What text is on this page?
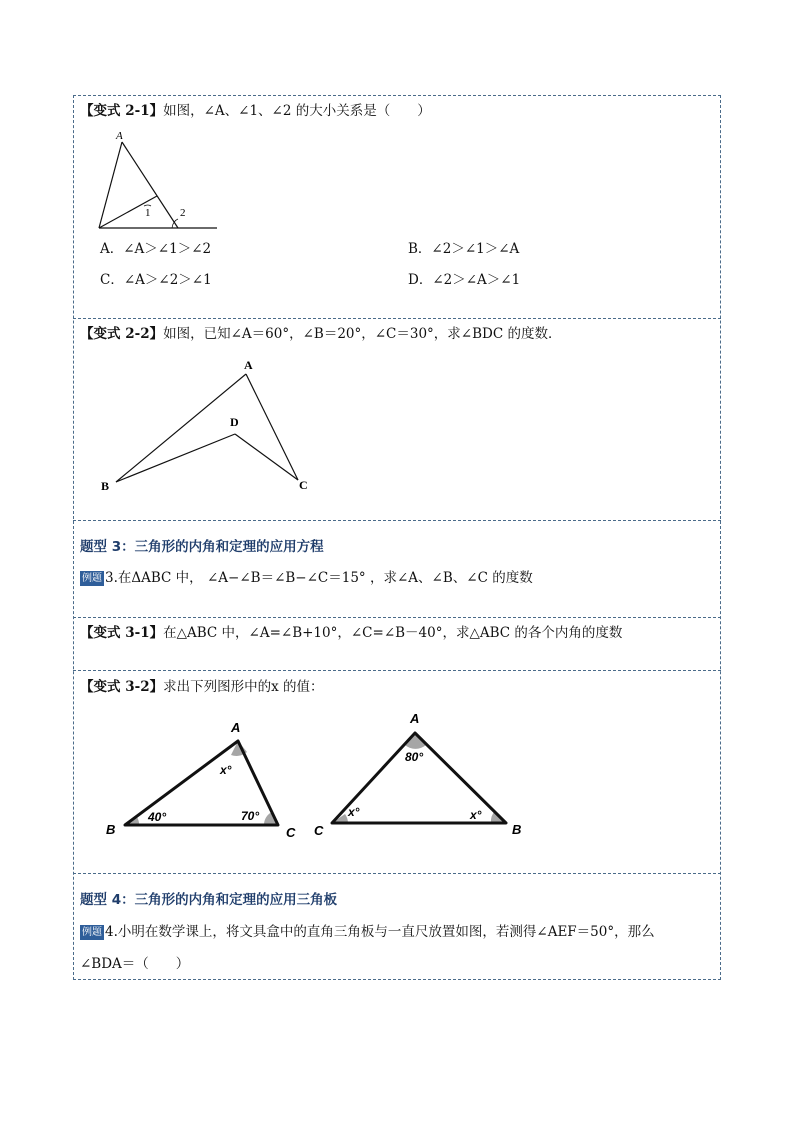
【变式 2-1】如图，∠A、∠1、∠2 的大小关系是（　　）
A
1	2
A．∠A＞∠1＞∠2	B．∠2＞∠1＞∠A
C．∠A＞∠2＞∠1	D．∠2＞∠A＞∠1
【变式 2-2】如图，已知∠A＝60°，∠B＝20°，∠C＝30°，求∠BDC 的度数．
A
D
B	C
题型 3：三角形的内角和定理的应用方程
例题 3.在ΔABC 中， ∠A−∠B＝∠B−∠C＝15° ，求∠A、∠B、∠C 的度数
【变式 3-1】在△ABC 中，∠A=∠B+10°，∠C=∠B－40°，求△ABC 的各个内角的度数
【变式 3-2】求出下列图形中的x 的值：
A
B	C
x°
40°	70°
A
C	B
80°
x°	x°
题型 4：三角形的内角和定理的应用三角板
例题 4.小明在数学课上，将文具盒中的直角三角板与一直尺放置如图，若测得∠AEF＝50°，那么
∠BDA＝（　　）
